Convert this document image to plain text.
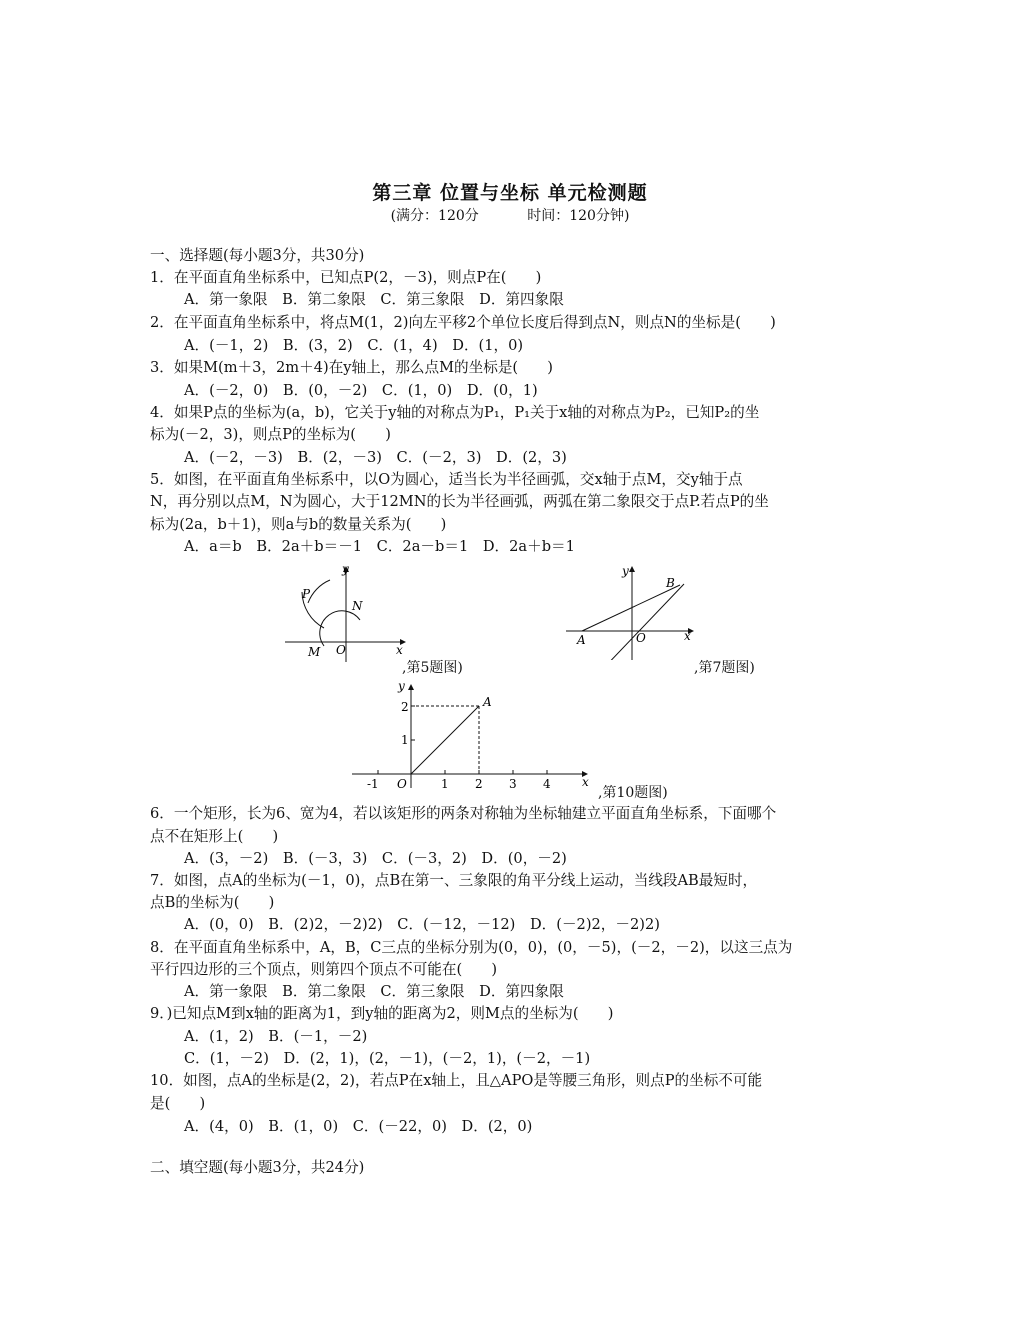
第三章 位置与坐标 单元检测题
(满分：120分	时间：120分钟)
一、选择题(每小题3分，共30分)
1．在平面直角坐标系中，已知点P(2，－3)，则点P在(　　)
A．第一象限　B．第二象限　C．第三象限　D．第四象限
2．在平面直角坐标系中，将点M(1，2)向左平移2个单位长度后得到点N，则点N的坐标是(　　)
A．(－1，2)　B．(3，2)　C．(1，4)　D．(1，0)
3．如果M(m＋3，2m＋4)在y轴上，那么点M的坐标是(　　)
A．(－2，0)　B．(0，－2)　C．(1，0)　D．(0，1)
4．如果P点的坐标为(a，b)，它关于y轴的对称点为P₁，P₁关于x轴的对称点为P₂，已知P₂的坐
标为(－2，3)，则点P的坐标为(　　)
A．(－2，－3)　B．(2，－3)　C．(－2，3)　D．(2，3)
5．如图，在平面直角坐标系中，以O为圆心，适当长为半径画弧，交x轴于点M，交y轴于点
N，再分别以点M，N为圆心，大于12MN的长为半径画弧，两弧在第二象限交于点P.若点P的坐
标为(2a，b＋1)，则a与b的数量关系为(　　)
A．a＝b　B．2a＋b＝－1　C．2a－b＝1　D．2a＋b＝1
y
x
P
N
M O
,第5题图)
y
x
B
A	O
,第7题图)
y
x
O
A
-1	1 2 3 4
1
2
,第10题图)
6．一个矩形，长为6、宽为4，若以该矩形的两条对称轴为坐标轴建立平面直角坐标系，下面哪个
点不在矩形上(　　)
A．(3，－2)　B．(－3，3)　C．(－3，2)　D．(0，－2)
7．如图，点A的坐标为(－1，0)，点B在第一、三象限的角平分线上运动，当线段AB最短时，
点B的坐标为(　　)
A．(0，0)　B．(2)2，－2)2)　C．(－12，－12)　D．(－2)2，－2)2)
8．在平面直角坐标系中，A，B，C三点的坐标分别为(0，0)，(0，－5)，(－2，－2)，以这三点为
平行四边形的三个顶点，则第四个顶点不可能在(　　)
A．第一象限　B．第二象限　C．第三象限　D．第四象限
9．)已知点M到x轴的距离为1，到y轴的距离为2，则M点的坐标为(　　)
A．(1，2)　B．(－1，－2)
C．(1，－2)　D．(2，1)，(2，－1)，(－2，1)，(－2，－1)
10．如图，点A的坐标是(2，2)，若点P在x轴上，且△APO是等腰三角形，则点P的坐标不可能
是(　　)
A．(4，0)　B．(1，0)　C．(－22，0)　D．(2，0)
二、填空题(每小题3分，共24分)
